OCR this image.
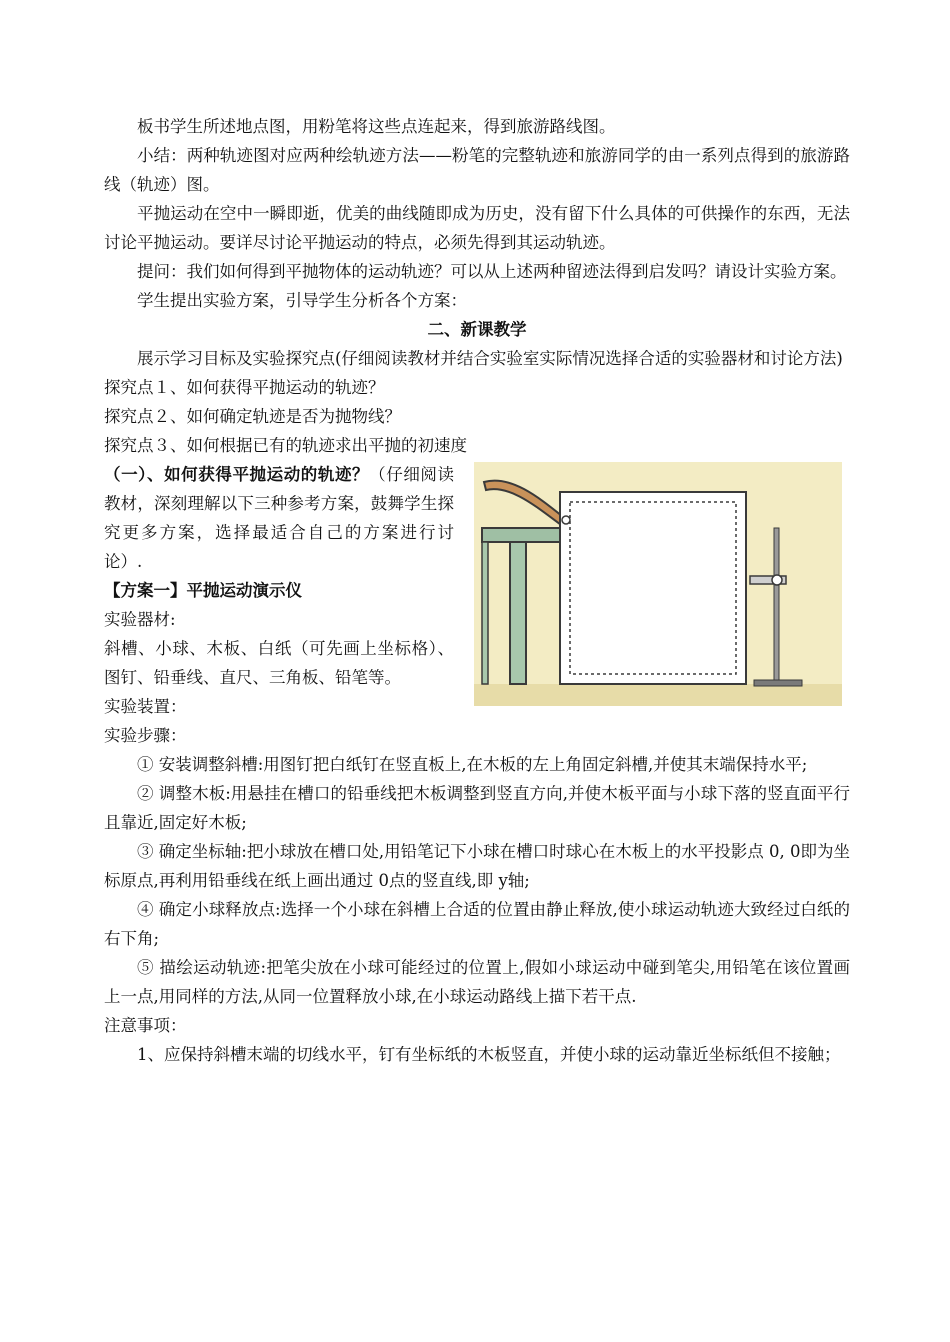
板书学生所述地点图，用粉笔将这些点连起来，得到旅游路线图。

小结：两种轨迹图对应两种绘轨迹方法——粉笔的完整轨迹和旅游同学的由一系列点得到的旅游路线（轨迹）图。

平抛运动在空中一瞬即逝，优美的曲线随即成为历史，没有留下什么具体的可供操作的东西，无法讨论平抛运动。要详尽讨论平抛运动的特点，必须先得到其运动轨迹。

提问：我们如何得到平抛物体的运动轨迹？可以从上述两种留迹法得到启发吗？请设计实验方案。

学生提出实验方案，引导学生分析各个方案：

二、新课教学

展示学习目标及实验探究点(仔细阅读教材并结合实验室实际情况选择合适的实验器材和讨论方法)

探究点１、如何获得平抛运动的轨迹？

探究点２、如何确定轨迹是否为抛物线？

探究点３、如何根据已有的轨迹求出平抛的初速度

（一）、如何获得平抛运动的轨迹？（仔细阅读教材，深刻理解以下三种参考方案，鼓舞学生探究更多方案，选择最适合自己的方案进行讨论）.

【方案一】平抛运动演示仪

实验器材:

斜槽、小球、木板、白纸（可先画上坐标格）、图钉、铅垂线、直尺、三角板、铅笔等。

实验装置：

实验步骤：

① 安装调整斜槽:用图钉把白纸钉在竖直板上,在木板的左上角固定斜槽,并使其末端保持水平;

② 调整木板:用悬挂在槽口的铅垂线把木板调整到竖直方向,并使木板平面与小球下落的竖直面平行且靠近,固定好木板;

③ 确定坐标轴:把小球放在槽口处,用铅笔记下小球在槽口时球心在木板上的水平投影点 0, 0即为坐标原点,再利用铅垂线在纸上画出通过 0点的竖直线,即 y轴;

④ 确定小球释放点:选择一个小球在斜槽上合适的位置由静止释放,使小球运动轨迹大致经过白纸的右下角;

⑤ 描绘运动轨迹:把笔尖放在小球可能经过的位置上,假如小球运动中碰到笔尖,用铅笔在该位置画上一点,用同样的方法,从同一位置释放小球,在小球运动路线上描下若干点.

注意事项：

1、应保持斜槽末端的切线水平，钉有坐标纸的木板竖直，并使小球的运动靠近坐标纸但不接触；
